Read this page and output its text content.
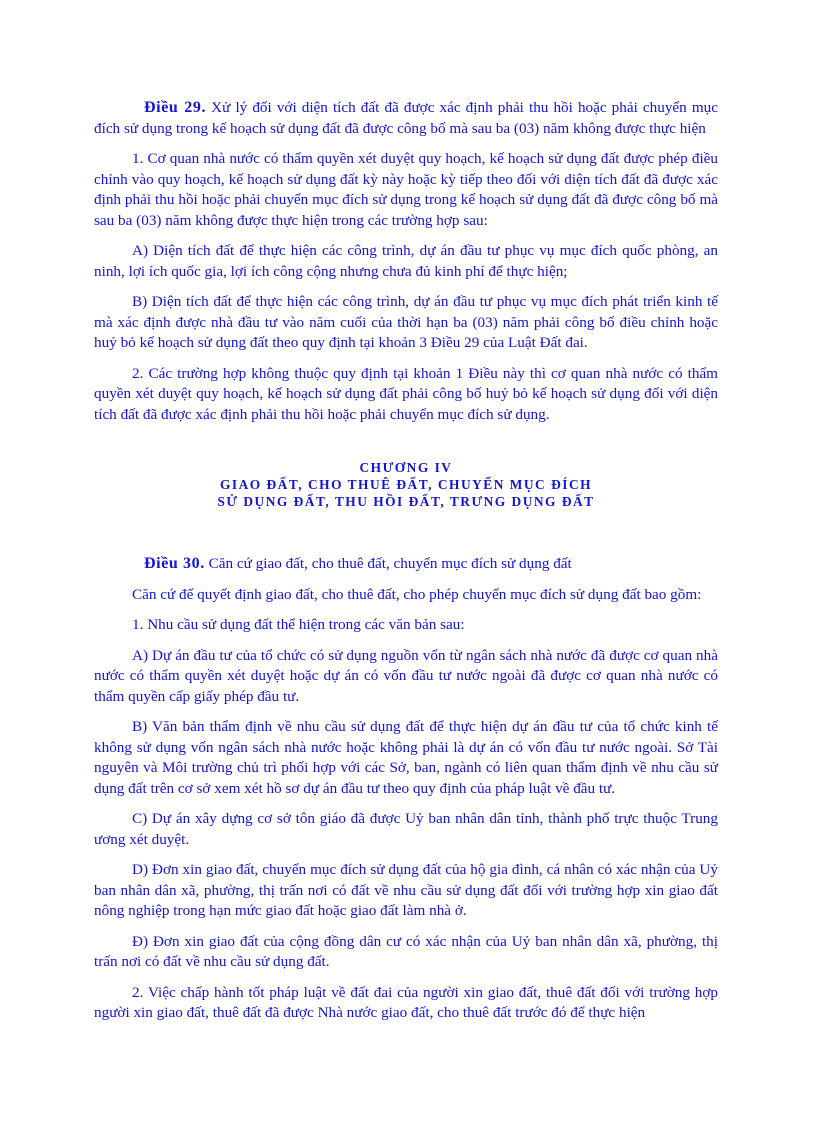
Điều 29. Xử lý đối với diện tích đất đã được xác định phải thu hồi hoặc phải chuyển mục đích sử dụng trong kế hoạch sử dụng đất đã được công bố mà sau ba (03) năm không được thực hiện

1. Cơ quan nhà nước có thẩm quyền xét duyệt quy hoạch, kế hoạch sử dụng đất được phép điều chỉnh vào quy hoạch, kế hoạch sử dụng đất kỳ này hoặc kỳ tiếp theo đối với diện tích đất đã được xác định phải thu hồi hoặc phải chuyển mục đích sử dụng trong kế hoạch sử dụng đất đã được công bố mà sau ba (03) năm không được thực hiện trong các trường hợp sau:

A) Diện tích đất để thực hiện các công trình, dự án đầu tư phục vụ mục đích quốc phòng, an ninh, lợi ích quốc gia, lợi ích công cộng nhưng chưa đủ kinh phí để thực hiện;

B) Diện tích đất để thực hiện các công trình, dự án đầu tư phục vụ mục đích phát triển kinh tế mà xác định được nhà đầu tư vào năm cuối của thời hạn ba (03) năm phải công bố điều chỉnh hoặc huỷ bỏ kế hoạch sử dụng đất theo quy định tại khoản 3 Điều 29 của Luật Đất đai.

2. Các trường hợp không thuộc quy định tại khoản 1 Điều này thì cơ quan nhà nước có thẩm quyền xét duyệt quy hoạch, kế hoạch sử dụng đất phải công bố huỷ bỏ kế hoạch sử dụng đối với diện tích đất đã được xác định phải thu hồi hoặc phải chuyển mục đích sử dụng.

CHƯƠNG IV
GIAO ĐẤT, CHO THUÊ ĐẤT, CHUYỂN MỤC ĐÍCH
SỬ DỤNG ĐẤT, THU HỒI ĐẤT, TRƯNG DỤNG ĐẤT

Điều 30. Căn cứ giao đất, cho thuê đất, chuyển mục đích sử dụng đất

Căn cứ để quyết định giao đất, cho thuê đất, cho phép chuyển mục đích sử dụng đất bao gồm:

1. Nhu cầu sử dụng đất thể hiện trong các văn bản sau:

A) Dự án đầu tư của tổ chức có sử dụng nguồn vốn từ ngân sách nhà nước đã được cơ quan nhà nước có thẩm quyền xét duyệt hoặc dự án có vốn đầu tư nước ngoài đã được cơ quan nhà nước có thẩm quyền cấp giấy phép đầu tư.

B) Văn bản thẩm định về nhu cầu sử dụng đất để thực hiện dự án đầu tư của tổ chức kinh tế không sử dụng vốn ngân sách nhà nước hoặc không phải là dự án có vốn đầu tư nước ngoài. Sở Tài nguyên và Môi trường chủ trì phối hợp với các Sở, ban, ngành có liên quan thẩm định về nhu cầu sử dụng đất trên cơ sở xem xét hồ sơ dự án đầu tư theo quy định của pháp luật về đầu tư.

C) Dự án xây dựng cơ sở tôn giáo đã được Uỷ ban nhân dân tỉnh, thành phố trực thuộc Trung ương xét duyệt.

D) Đơn xin giao đất, chuyển mục đích sử dụng đất của hộ gia đình, cá nhân có xác nhận của Uỷ ban nhân dân xã, phường, thị trấn nơi có đất về nhu cầu sử dụng đất đối với trường hợp xin giao đất nông nghiệp trong hạn mức giao đất hoặc giao đất làm nhà ở.

Đ) Đơn xin giao đất của cộng đồng dân cư có xác nhận của Uỷ ban nhân dân xã, phường, thị trấn nơi có đất về nhu cầu sử dụng đất.

2. Việc chấp hành tốt pháp luật về đất đai của người xin giao đất, thuê đất đối với trường hợp người xin giao đất, thuê đất đã được Nhà nước giao đất, cho thuê đất trước đó để thực hiện
